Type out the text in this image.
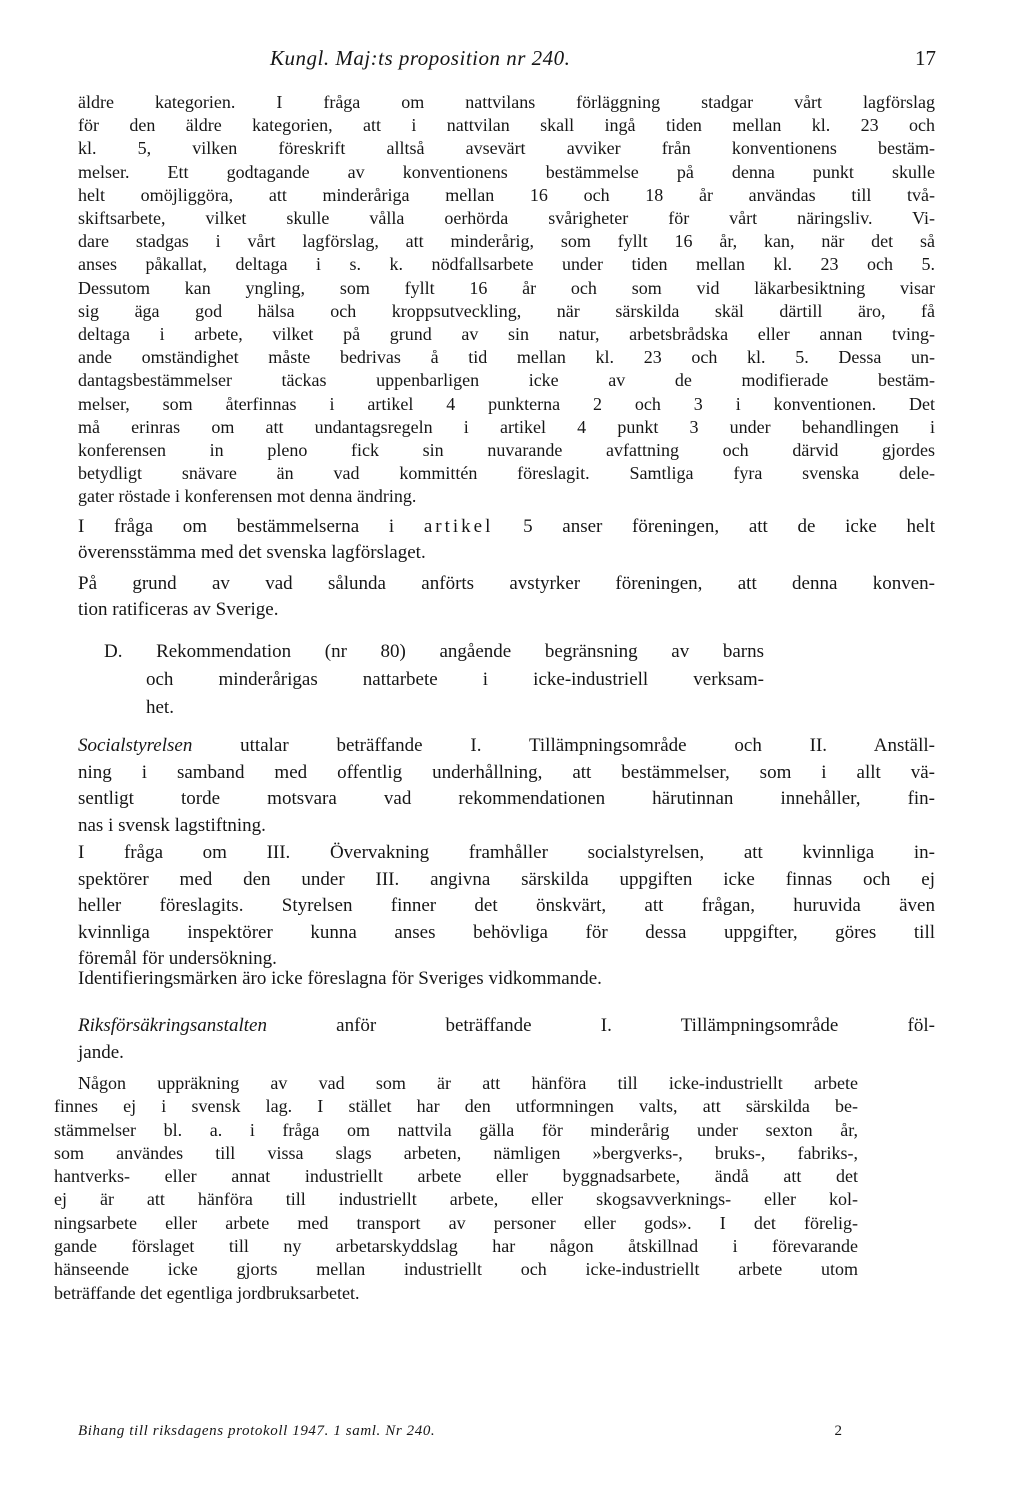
Kungl. Maj:ts proposition nr 240.	17
äldre kategorien. I fråga om nattvilans förläggning stadgar vårt lagförslag
för den äldre kategorien, att i nattvilan skall ingå tiden mellan kl. 23 och
kl. 5, vilken föreskrift alltså avsevärt avviker från konventionens bestäm-
melser. Ett godtagande av konventionens bestämmelse på denna punkt skulle
helt omöjliggöra, att minderåriga mellan 16 och 18 år användas till två-
skiftsarbete, vilket skulle vålla oerhörda svårigheter för vårt näringsliv. Vi-
dare stadgas i vårt lagförslag, att minderårig, som fyllt 16 år, kan, när det så
anses påkallat, deltaga i s. k. nödfallsarbete under tiden mellan kl. 23 och 5.
Dessutom kan yngling, som fyllt 16 år och som vid läkarbesiktning visar
sig äga god hälsa och kroppsutveckling, när särskilda skäl därtill äro, få
deltaga i arbete, vilket på grund av sin natur, arbetsbrådska eller annan tving-
ande omständighet måste bedrivas å tid mellan kl. 23 och kl. 5. Dessa un-
dantagsbestämmelser täckas uppenbarligen icke av de modifierade bestäm-
melser, som återfinnas i artikel 4 punkterna 2 och 3 i konventionen. Det
må erinras om att undantagsregeln i artikel 4 punkt 3 under behandlingen i
konferensen in pleno fick sin nuvarande avfattning och därvid gjordes
betydligt snävare än vad kommittén föreslagit. Samtliga fyra svenska dele-
gater röstade i konferensen mot denna ändring.
I fråga om bestämmelserna i artikel 5 anser föreningen, att de icke helt
överensstämma med det svenska lagförslaget.
På grund av vad sålunda anförts avstyrker föreningen, att denna konven-
tion ratificeras av Sverige.
D. Rekommendation (nr 80) angående begränsning av barns
och minderårigas nattarbete i icke-industriell verksam-
het.
Socialstyrelsen uttalar beträffande I. Tillämpningsområde och II. Anställ-
ning i samband med offentlig underhållning, att bestämmelser, som i allt vä-
sentligt torde motsvara vad rekommendationen härutinnan innehåller, fin-
nas i svensk lagstiftning.
I fråga om III. Övervakning framhåller socialstyrelsen, att kvinnliga in-
spektörer med den under III. angivna särskilda uppgiften icke finnas och ej
heller föreslagits. Styrelsen finner det önskvärt, att frågan, huruvida även
kvinnliga inspektörer kunna anses behövliga för dessa uppgifter, göres till
föremål för undersökning.

Identifieringsmärken äro icke föreslagna för Sveriges vidkommande.

Riksförsäkringsanstalten anför beträffande I. Tillämpningsområde föl-
jande.
Någon uppräkning av vad som är att hänföra till icke-industriellt arbete
finnes ej i svensk lag. I stället har den utformningen valts, att särskilda be-
stämmelser bl. a. i fråga om nattvila gälla för minderårig under sexton år,
som användes till vissa slags arbeten, nämligen »bergverks-, bruks-, fabriks-,
hantverks- eller annat industriellt arbete eller byggnadsarbete, ändå att det
ej är att hänföra till industriellt arbete, eller skogsavverknings- eller kol-
ningsarbete eller arbete med transport av personer eller gods». I det förelig-
gande förslaget till ny arbetarskyddslag har någon åtskillnad i förevarande
hänseende icke gjorts mellan industriellt och icke-industriellt arbete utom
beträffande det egentliga jordbruksarbetet.
Bihang till riksdagens protokoll 1947. 1 saml. Nr 240.	2
